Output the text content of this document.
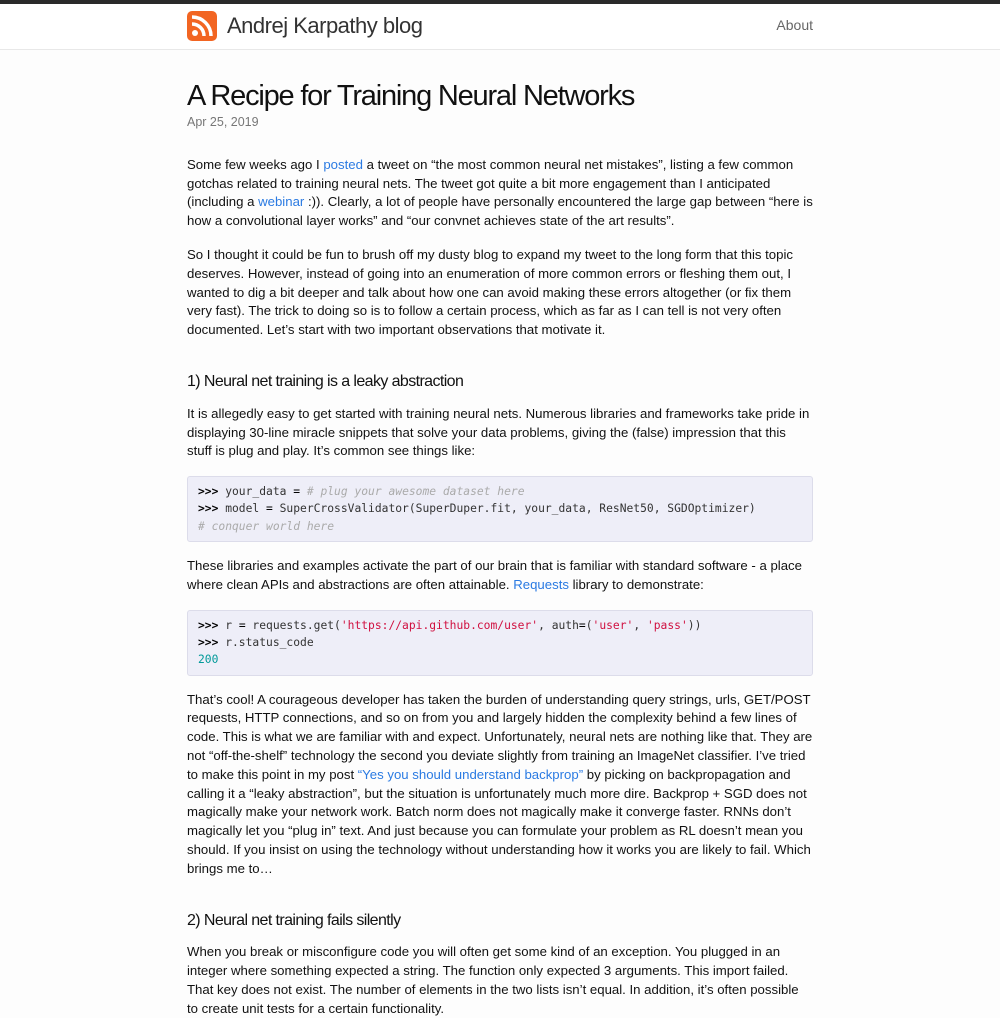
Andrej Karpathy blog	About
A Recipe for Training Neural Networks
Apr 25, 2019

Some few weeks ago I posted a tweet on “the most common neural net mistakes”, listing a few common gotchas related to training neural nets. The tweet got quite a bit more engagement than I anticipated (including a webinar :)). Clearly, a lot of people have personally encountered the large gap between “here is how a convolutional layer works” and “our convnet achieves state of the art results”.

So I thought it could be fun to brush off my dusty blog to expand my tweet to the long form that this topic deserves. However, instead of going into an enumeration of more common errors or fleshing them out, I wanted to dig a bit deeper and talk about how one can avoid making these errors altogether (or fix them very fast). The trick to doing so is to follow a certain process, which as far as I can tell is not very often documented. Let’s start with two important observations that motivate it.

1) Neural net training is a leaky abstraction

It is allegedly easy to get started with training neural nets. Numerous libraries and frameworks take pride in displaying 30-line miracle snippets that solve your data problems, giving the (false) impression that this stuff is plug and play. It’s common see things like:

>>> your_data = # plug your awesome dataset here
>>> model = SuperCrossValidator(SuperDuper.fit, your_data, ResNet50, SGDOptimizer)
# conquer world here

These libraries and examples activate the part of our brain that is familiar with standard software - a place where clean APIs and abstractions are often attainable. Requests library to demonstrate:

>>> r = requests.get('https://api.github.com/user', auth=('user', 'pass'))
>>> r.status_code
200

That’s cool! A courageous developer has taken the burden of understanding query strings, urls, GET/POST requests, HTTP connections, and so on from you and largely hidden the complexity behind a few lines of code. This is what we are familiar with and expect. Unfortunately, neural nets are nothing like that. They are not “off-the-shelf” technology the second you deviate slightly from training an ImageNet classifier. I’ve tried to make this point in my post “Yes you should understand backprop” by picking on backpropagation and calling it a “leaky abstraction”, but the situation is unfortunately much more dire. Backprop + SGD does not magically make your network work. Batch norm does not magically make it converge faster. RNNs don’t magically let you “plug in” text. And just because you can formulate your problem as RL doesn’t mean you should. If you insist on using the technology without understanding how it works you are likely to fail. Which brings me to…

2) Neural net training fails silently

When you break or misconfigure code you will often get some kind of an exception. You plugged in an integer where something expected a string. The function only expected 3 arguments. This import failed. That key does not exist. The number of elements in the two lists isn’t equal. In addition, it’s often possible to create unit tests for a certain functionality.
